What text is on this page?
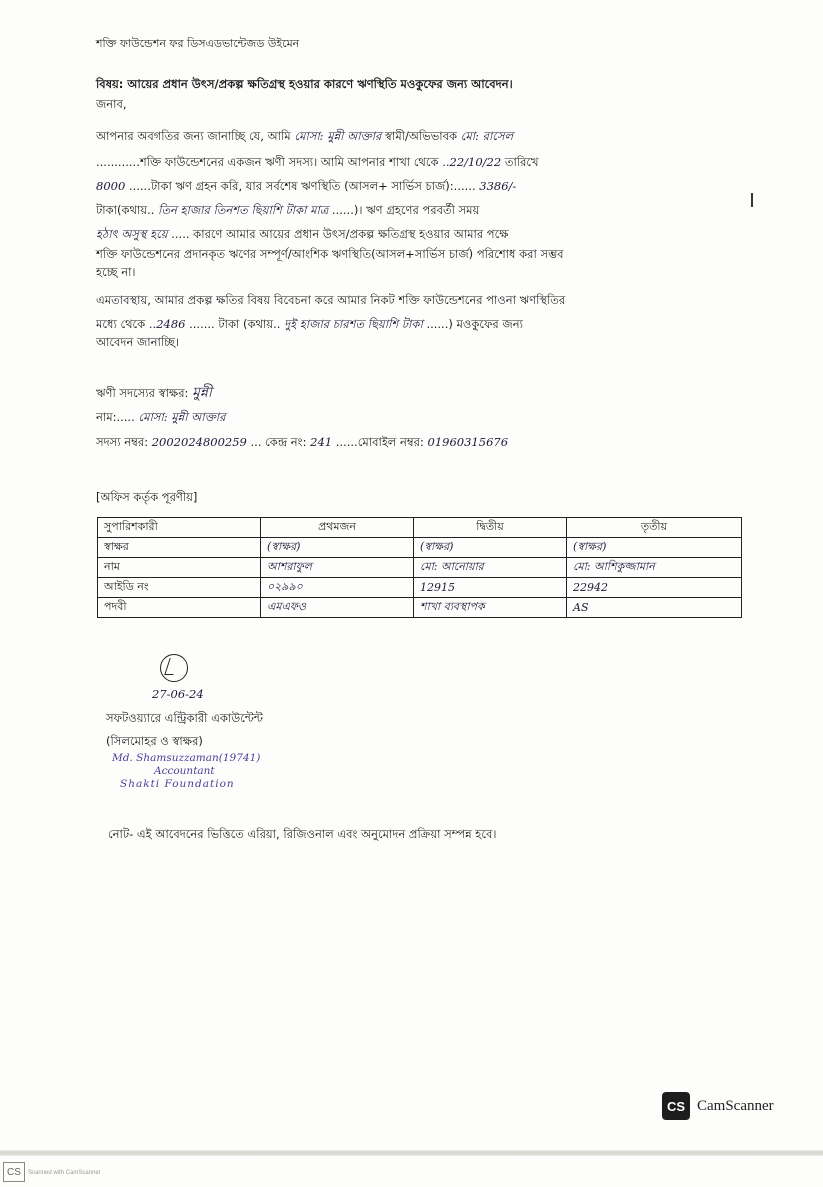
শক্তি ফাউন্ডেশন ফর ডিসএডভান্টেজড উইমেন
বিষয়: আয়ের প্রধান উৎস/প্রকল্প ক্ষতিগ্রস্থ হওয়ার কারণে ঋণস্থিতি মওকুফের জন্য আবেদন।
জনাব,
আপনার অবগতির জন্য জানাচ্ছি যে, আমি মোসা: মুন্নী আক্তার স্বামী/অভিভাবক মো: রাসেল
............শক্তি ফাউন্ডেশনের একজন ঋণী সদস্য। আমি আপনার শাখা থেকে ..22/10/22 তারিখে
8000 ......টাকা ঋণ গ্রহন করি, যার সর্বশেষ ঋণস্থিতি (আসল+ সার্ভিস চার্জ):...... 3386/-
টাকা(কথায়.. তিন হাজার তিনশত ছিয়াশি টাকা মাত্র ......)। ঋণ গ্রহণের পরবর্তী সময়
হঠাৎ অসুস্থ হয়ে ..... কারণে আমার আয়ের প্রধান উৎস/প্রকল্প ক্ষতিগ্রস্থ হওয়ার আমার পক্ষে
শক্তি ফাউন্ডেশনের প্রদানকৃত ঋণের সম্পূর্ণ/আংশিক ঋণস্থিতি(আসল+সার্ভিস চার্জ) পরিশোধ করা সম্ভব
হচ্ছে না।
এমতাবস্থায়, আমার প্রকল্প ক্ষতির বিষয় বিবেচনা করে আমার নিকট শক্তি ফাউন্ডেশনের পাওনা ঋণস্থিতির
মধ্যে থেকে ..2486 ....... টাকা (কথায়.. দুই হাজার চারশত ছিয়াশি টাকা ......) মওকুফের জন্য
আবেদন জানাচ্ছি।
ঋণী সদস্যের স্বাক্ষর: মুন্নী
নাম:..... মোসা: মুন্নী আক্তার
সদস্য নম্বর: 2002024800259 ... কেন্দ্র নং: 241 ......মোবাইল নম্বর: 01960315676
[অফিস কর্তৃক পূরণীয়]
সুপারিশকারী	প্রথমজন	দ্বিতীয়	তৃতীয়
স্বাক্ষর	(স্বাক্ষর)	(স্বাক্ষর)	(স্বাক্ষর)
নাম	আশরাফুল	মো: আনোয়ার	মো: আশিকুজ্জামান
আইডি নং	০২৯৯০	12915	22942
পদবী	এমএফও	শাখা ব্যবস্থাপক	AS
27-06-24
সফটওয়্যারে এন্ট্রিকারী একাউন্টেন্ট
(সিলমোহর ও স্বাক্ষর)
Md. Shamsuzzaman(19741)
Accountant
Shakti Foundation
নোট- এই আবেদনের ভিত্তিতে এরিয়া, রিজিওনাল এবং অনুমোদন প্রক্রিয়া সম্পন্ন হবে।
CS CamScanner
CS	Scanned with CamScanner
